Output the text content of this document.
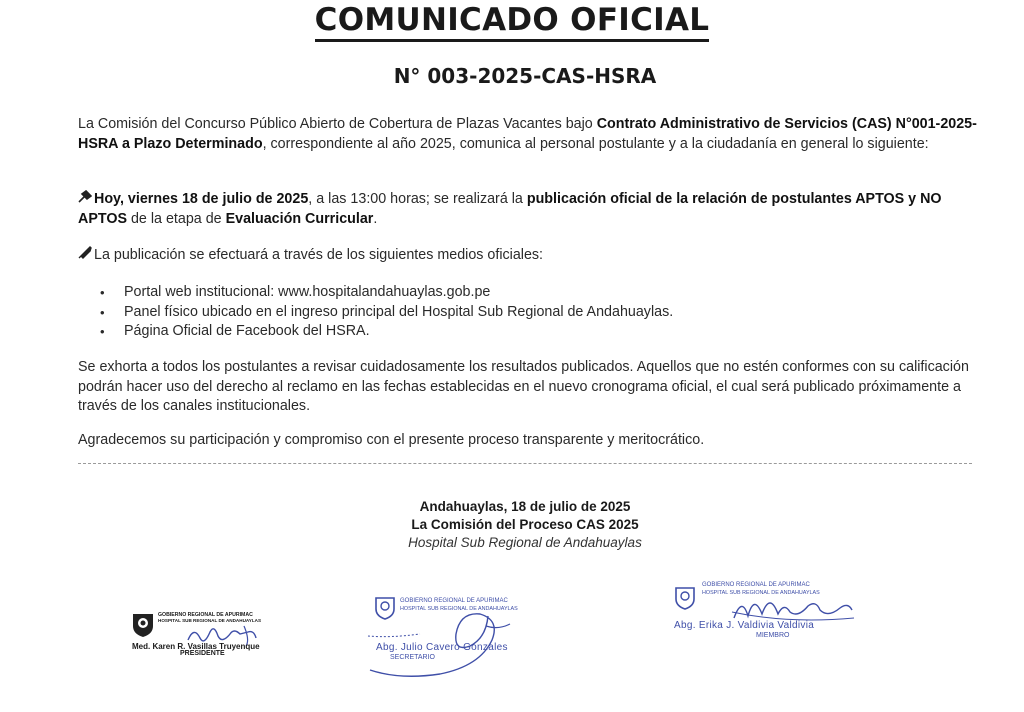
COMUNICADO OFICIAL
N° 003-2025-CAS-HSRA
La Comisión del Concurso Público Abierto de Cobertura de Plazas Vacantes bajo Contrato Administrativo de Servicios (CAS) N°001-2025-HSRA a Plazo Determinado, correspondiente al año 2025, comunica al personal postulante y a la ciudadanía en general lo siguiente:
Hoy, viernes 18 de julio de 2025, a las 13:00 horas; se realizará la publicación oficial de la relación de postulantes APTOS y NO APTOS de la etapa de Evaluación Curricular.
La publicación se efectuará a través de los siguientes medios oficiales:
• Portal web institucional: www.hospitalandahuaylas.gob.pe
• Panel físico ubicado en el ingreso principal del Hospital Sub Regional de Andahuaylas.
• Página Oficial de Facebook del HSRA.
Se exhorta a todos los postulantes a revisar cuidadosamente los resultados publicados. Aquellos que no estén conformes con su calificación podrán hacer uso del derecho al reclamo en las fechas establecidas en el nuevo cronograma oficial, el cual será publicado próximamente a través de los canales institucionales.
Agradecemos su participación y compromiso con el presente proceso transparente y meritocrático.
Andahuaylas, 18 de julio de 2025
La Comisión del Proceso CAS 2025
Hospital Sub Regional de Andahuaylas
GOBIERNO REGIONAL DE APURIMAC
HOSPITAL SUB REGIONAL DE ANDAHUAYLAS
Med. Karen R. Vasillas Truyenque
PRESIDENTE
GOBIERNO REGIONAL DE APURIMAC
HOSPITAL SUB REGIONAL DE ANDAHUAYLAS
Abg. Julio Cavero Gonzales
SECRETARIO
GOBIERNO REGIONAL DE APURIMAC
HOSPITAL SUB REGIONAL DE ANDAHUAYLAS
Abg. Erika J. Valdivia Valdivia
MIEMBRO
